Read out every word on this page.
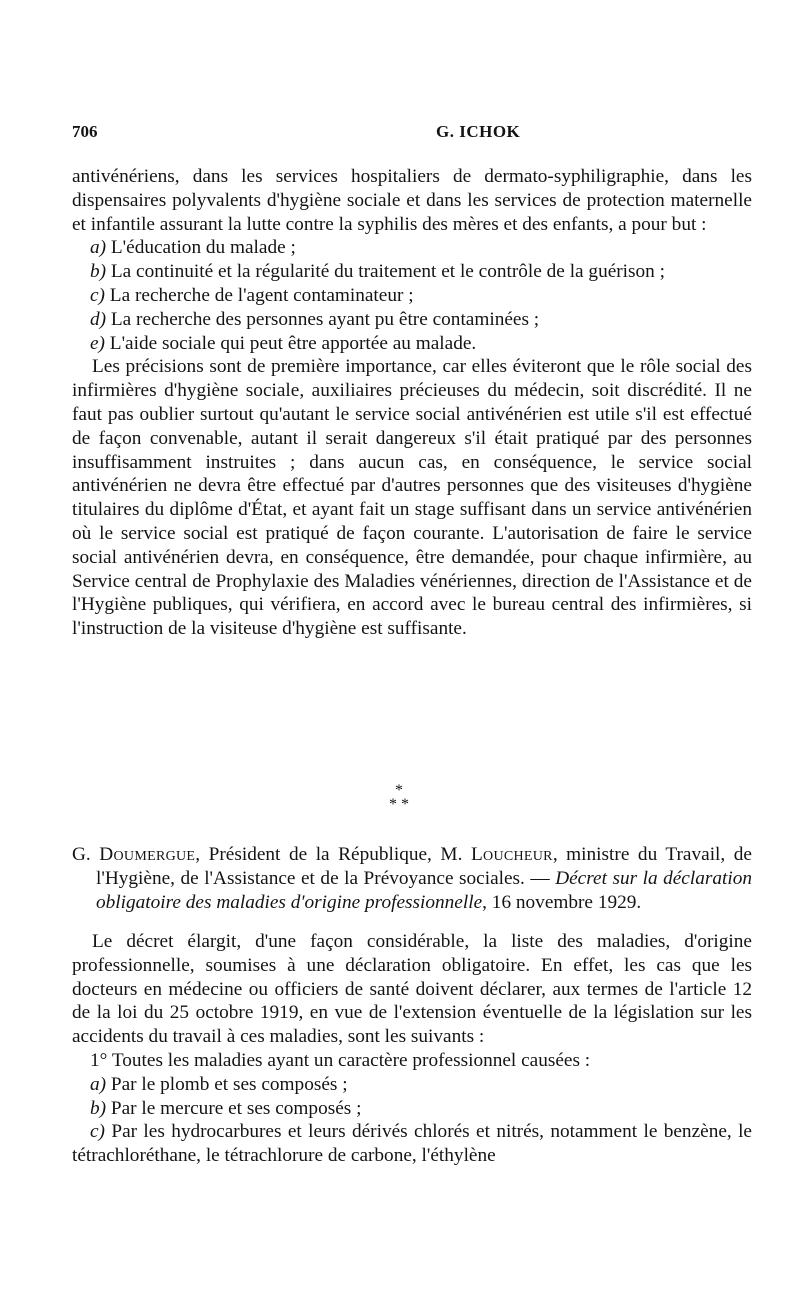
706	G. ICHOK

antivénériens, dans les services hospitaliers de dermato-syphiligraphie, dans les dispensaires polyvalents d'hygiène sociale et dans les services de protection maternelle et infantile assurant la lutte contre la syphilis des mères et des enfants, a pour but :

a) L'éducation du malade ;

b) La continuité et la régularité du traitement et le contrôle de la guérison ;

c) La recherche de l'agent contaminateur ;

d) La recherche des personnes ayant pu être contaminées ;

e) L'aide sociale qui peut être apportée au malade.

Les précisions sont de première importance, car elles éviteront que le rôle social des infirmières d'hygiène sociale, auxiliaires précieuses du médecin, soit discrédité. Il ne faut pas oublier surtout qu'autant le service social antivénérien est utile s'il est effectué de façon convenable, autant il serait dangereux s'il était pratiqué par des personnes insuffisamment instruites ; dans aucun cas, en conséquence, le service social antivénérien ne devra être effectué par d'autres personnes que des visiteuses d'hygiène titulaires du diplôme d'État, et ayant fait un stage suffisant dans un service antivénérien où le service social est pratiqué de façon courante. L'autorisation de faire le service social antivénérien devra, en conséquence, être demandée, pour chaque infirmière, au Service central de Prophylaxie des Maladies vénériennes, direction de l'Assistance et de l'Hygiène publiques, qui vérifiera, en accord avec le bureau central des infirmières, si l'instruction de la visiteuse d'hygiène est suffisante.

*
* *
G. Doumergue, Président de la République, M. Loucheur, ministre du Travail, de l'Hygiène, de l'Assistance et de la Prévoyance sociales. — Décret sur la déclaration obligatoire des maladies d'origine professionnelle, 16 novembre 1929.

Le décret élargit, d'une façon considérable, la liste des maladies, d'origine professionnelle, soumises à une déclaration obligatoire. En effet, les cas que les docteurs en médecine ou officiers de santé doivent déclarer, aux termes de l'article 12 de la loi du 25 octobre 1919, en vue de l'extension éventuelle de la législation sur les accidents du travail à ces maladies, sont les suivants :

1° Toutes les maladies ayant un caractère professionnel causées :

a) Par le plomb et ses composés ;

b) Par le mercure et ses composés ;

c) Par les hydrocarbures et leurs dérivés chlorés et nitrés, notamment le benzène, le tétrachloréthane, le tétrachlorure de carbone, l'éthylène
